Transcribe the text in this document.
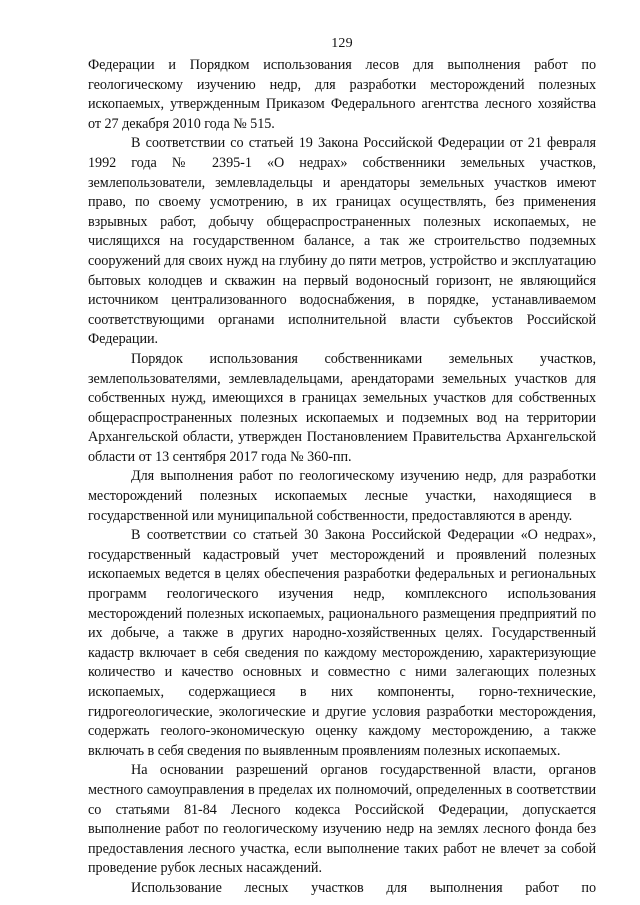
129

Федерации и Порядком использования лесов для выполнения работ по геологическому изучению недр, для разработки месторождений полезных ископаемых, утвержденным Приказом Федерального агентства лесного хозяйства от 27 декабря 2010 года № 515.

В соответствии со статьей 19 Закона Российской Федерации от 21 февраля 1992 года № 2395-1 «О недрах» собственники земельных участков, землепользователи, землевладельцы и арендаторы земельных участков имеют право, по своему усмотрению, в их границах осуществлять, без применения взрывных работ, добычу общераспространенных полезных ископаемых, не числящихся на государственном балансе, а так же строительство подземных сооружений для своих нужд на глубину до пяти метров, устройство и эксплуатацию бытовых колодцев и скважин на первый водоносный горизонт, не являющийся источником централизованного водоснабжения, в порядке, устанавливаемом соответствующими органами исполнительной власти субъектов Российской Федерации.

Порядок использования собственниками земельных участков, землепользователями, землевладельцами, арендаторами земельных участков для собственных нужд, имеющихся в границах земельных участков для собственных общераспространенных полезных ископаемых и подземных вод на территории Архангельской области, утвержден Постановлением Правительства Архангельской области от 13 сентября 2017 года № 360-пп.

Для выполнения работ по геологическому изучению недр, для разработки месторождений полезных ископаемых лесные участки, находящиеся в государственной или муниципальной собственности, предоставляются в аренду.

В соответствии со статьей 30 Закона Российской Федерации «О недрах», государственный кадастровый учет месторождений и проявлений полезных ископаемых ведется в целях обеспечения разработки федеральных и региональных программ геологического изучения недр, комплексного использования месторождений полезных ископаемых, рационального размещения предприятий по их добыче, а также в других народно-хозяйственных целях. Государственный кадастр включает в себя сведения по каждому месторождению, характеризующие количество и качество основных и совместно с ними залегающих полезных ископаемых, содержащиеся в них компоненты, горно-технические, гидрогеологические, экологические и другие условия разработки месторождения, содержать геолого-экономическую оценку каждому месторождению, а также включать в себя сведения по выявленным проявлениям полезных ископаемых.

На основании разрешений органов государственной власти, органов местного самоуправления в пределах их полномочий, определенных в соответствии со статьями 81-84 Лесного кодекса Российской Федерации, допускается выполнение работ по геологическому изучению недр на землях лесного фонда без предоставления лесного участка, если выполнение таких работ не влечет за собой проведение рубок лесных насаждений.

Использование лесных участков для выполнения работ по
